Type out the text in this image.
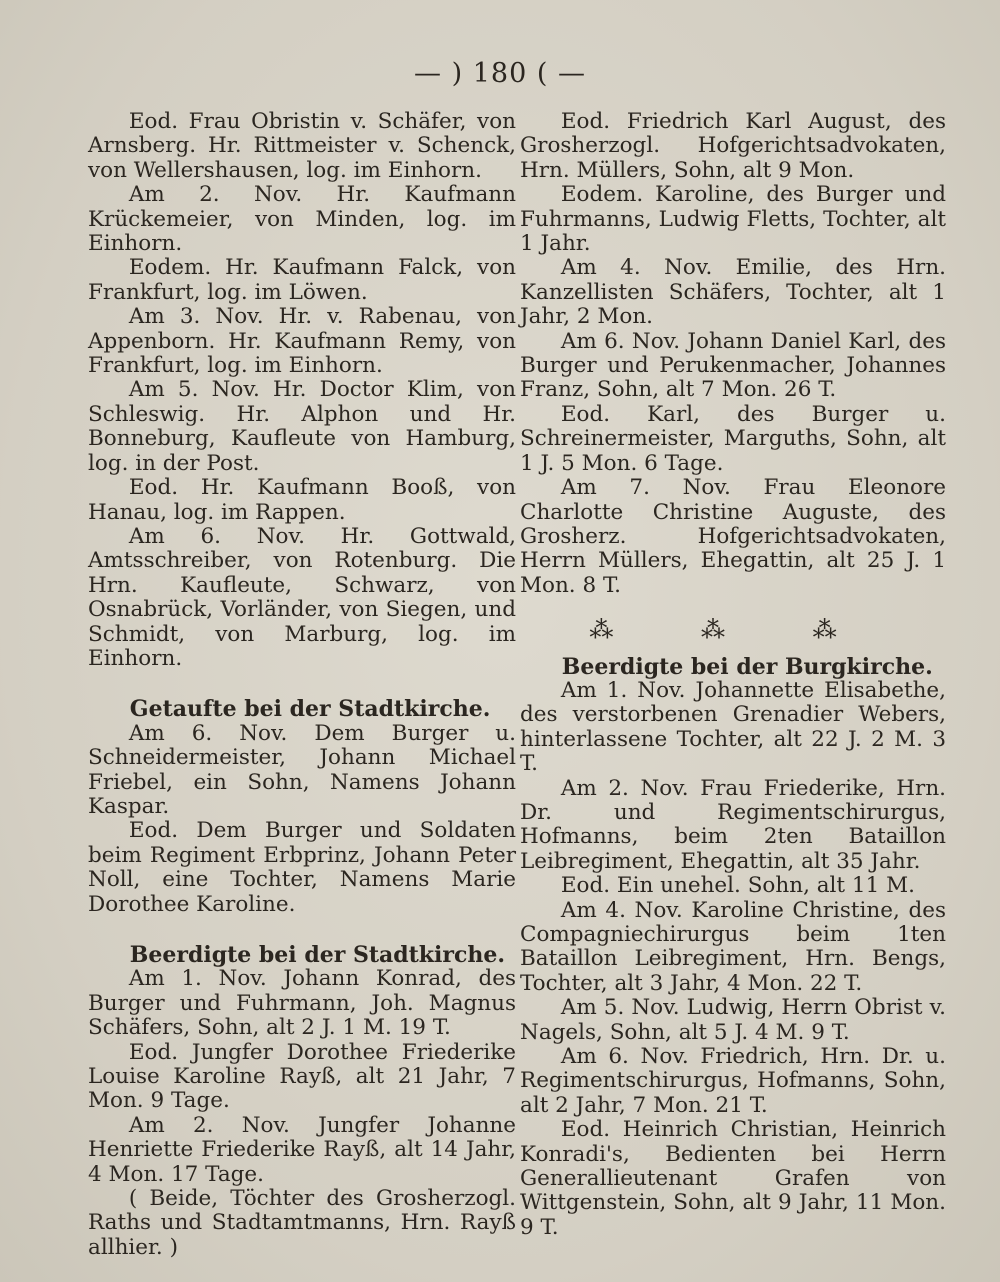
— ) 180 ( —

Eod. Frau Obristin v. Schäfer, von Arnsberg. Hr. Rittmeister v. Schenck, von Wellershausen, log. im Einhorn.

Am 2. Nov. Hr. Kaufmann Krückemeier, von Minden, log. im Einhorn.

Eodem. Hr. Kaufmann Falck, von Frankfurt, log. im Löwen.

Am 3. Nov. Hr. v. Rabenau, von Appenborn. Hr. Kaufmann Remy, von Frankfurt, log. im Einhorn.

Am 5. Nov. Hr. Doctor Klim, von Schleswig. Hr. Alphon und Hr. Bonneburg, Kaufleute von Hamburg, log. in der Post.

Eod. Hr. Kaufmann Booß, von Hanau, log. im Rappen.

Am 6. Nov. Hr. Gottwald, Amtsschreiber, von Rotenburg. Die Hrn. Kaufleute, Schwarz, von Osnabrück, Vorländer, von Siegen, und Schmidt, von Marburg, log. im Einhorn.

Getaufte bei der Stadtkirche.

Am 6. Nov. Dem Burger u. Schneidermeister, Johann Michael Friebel, ein Sohn, Namens Johann Kaspar.

Eod. Dem Burger und Soldaten beim Regiment Erbprinz, Johann Peter Noll, eine Tochter, Namens Marie Dorothee Karoline.

Beerdigte bei der Stadtkirche.

Am 1. Nov. Johann Konrad, des Burger und Fuhrmann, Joh. Magnus Schäfers, Sohn, alt 2 J. 1 M. 19 T.

Eod. Jungfer Dorothee Friederike Louise Karoline Rayß, alt 21 Jahr, 7 Mon. 9 Tage.

Am 2. Nov. Jungfer Johanne Henriette Friederike Rayß, alt 14 Jahr, 4 Mon. 17 Tage.

( Beide, Töchter des Grosherzogl. Raths und Stadtamtmanns, Hrn. Rayß allhier. )

Eod. Friedrich Karl August, des Grosherzogl. Hofgerichtsadvokaten, Hrn. Müllers, Sohn, alt 9 Mon.

Eodem. Karoline, des Burger und Fuhrmanns, Ludwig Fletts, Tochter, alt 1 Jahr.

Am 4. Nov. Emilie, des Hrn. Kanzellisten Schäfers, Tochter, alt 1 Jahr, 2 Mon.

Am 6. Nov. Johann Daniel Karl, des Burger und Perukenmacher, Johannes Franz, Sohn, alt 7 Mon. 26 T.

Eod. Karl, des Burger u. Schreinermeister, Marguths, Sohn, alt 1 J. 5 Mon. 6 Tage.

Am 7. Nov. Frau Eleonore Charlotte Christine Auguste, des Grosherz. Hofgerichtsadvokaten, Herrn Müllers, Ehegattin, alt 25 J. 1 Mon. 8 T.

⁂ ⁂ ⁂
Beerdigte bei der Burgkirche.

Am 1. Nov. Johannette Elisabethe, des verstorbenen Grenadier Webers, hinterlassene Tochter, alt 22 J. 2 M. 3 T.

Am 2. Nov. Frau Friederike, Hrn. Dr. und Regimentschirurgus, Hofmanns, beim 2ten Bataillon Leibregiment, Ehegattin, alt 35 Jahr.

Eod. Ein unehel. Sohn, alt 11 M.

Am 4. Nov. Karoline Christine, des Compagniechirurgus beim 1ten Bataillon Leibregiment, Hrn. Bengs, Tochter, alt 3 Jahr, 4 Mon. 22 T.

Am 5. Nov. Ludwig, Herrn Obrist v. Nagels, Sohn, alt 5 J. 4 M. 9 T.

Am 6. Nov. Friedrich, Hrn. Dr. u. Regimentschirurgus, Hofmanns, Sohn, alt 2 Jahr, 7 Mon. 21 T.

Eod. Heinrich Christian, Heinrich Konradi's, Bedienten bei Herrn Generallieutenant Grafen von Wittgenstein, Sohn, alt 9 Jahr, 11 Mon. 9 T.
